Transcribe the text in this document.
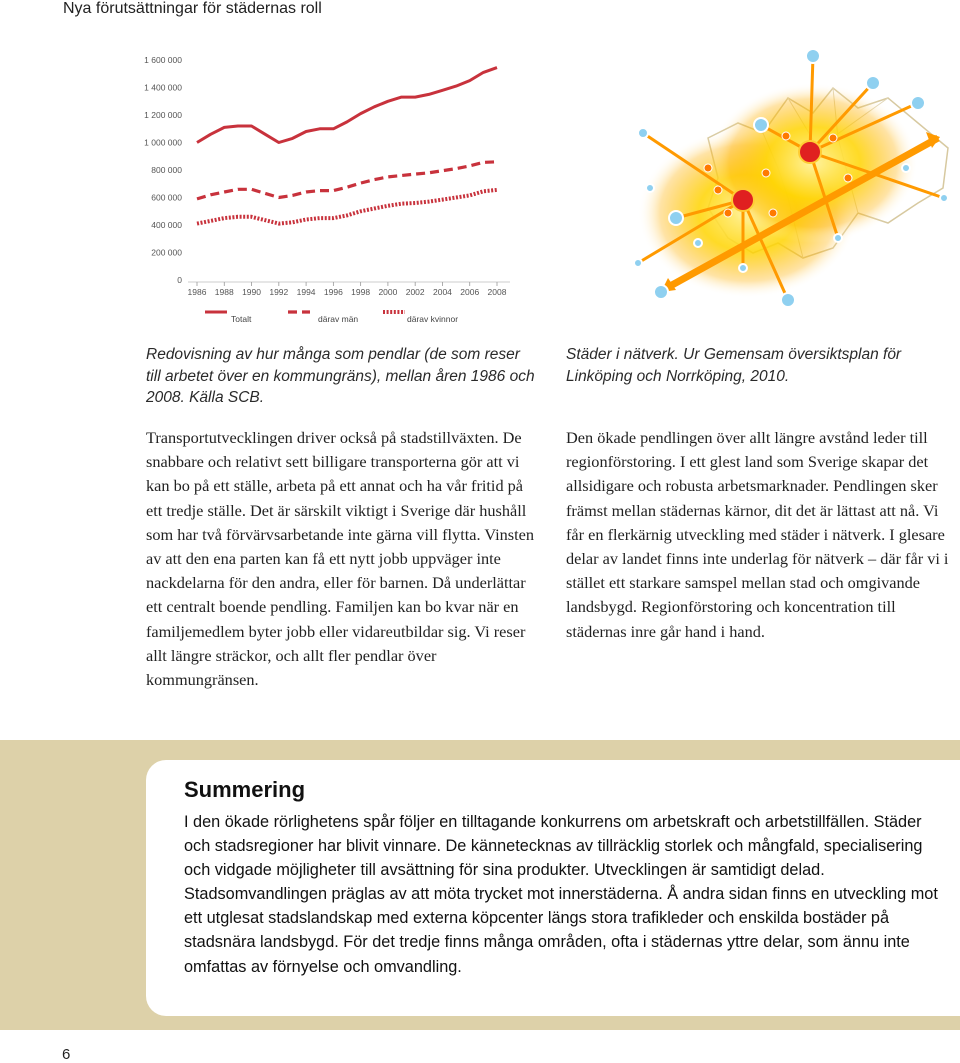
Nya förutsättningar för städernas roll
0
200 000
400 000
600 000
800 000
1 000 000
1 200 000
1 400 000
1 600 000
1986 1988 1990 1992 1994 1996 1998 2000 2002 2004 2006 2008
Totalt	därav män	därav kvinnor

Redovisning av hur många som pendlar (de som reser till arbetet över en kommungräns), mellan åren 1986 och 2008. Källa SCB.

Städer i nätverk. Ur Gemensam översiktsplan för Linköping och Norrköping, 2010.

Transportutvecklingen driver också på stadstillväxten. De snabbare och relativt sett billigare transporterna gör att vi kan bo på ett ställe, arbeta på ett annat och ha vår fritid på ett tredje ställe. Det är särskilt viktigt i Sverige där hushåll som har två förvärvsarbetande inte gärna vill flytta. Vinsten av att den ena parten kan få ett nytt jobb uppväger inte nackdelarna för den andra, eller för barnen. Då underlättar ett centralt boende pendling. Familjen kan bo kvar när en familjemedlem byter jobb eller vidareutbildar sig. Vi reser allt längre sträckor, och allt fler pendlar över kommungränsen.

Den ökade pendlingen över allt längre avstånd leder till regionförstoring. I ett glest land som Sverige skapar det allsidigare och robusta arbetsmarknader. Pendlingen sker främst mellan städernas kärnor, dit det är lättast att nå. Vi får en flerkärnig utveckling med städer i nätverk. I glesare delar av landet finns inte underlag för nätverk – där får vi i stället ett starkare samspel mellan stad och omgivande landsbygd. Regionförstoring och koncentration till städernas inre går hand i hand.

Summering

I den ökade rörlighetens spår följer en tilltagande konkurrens om arbetskraft och arbetstillfällen. Städer och stadsregioner har blivit vinnare. De kännetecknas av tillräcklig storlek och mångfald, specialisering och vidgade möjligheter till avsättning för sina produkter. Utvecklingen är samtidigt delad. Stadsomvandlingen präglas av att möta trycket mot innerstäderna. Å andra sidan finns en utveckling mot ett utglesat stadslandskap med externa köpcenter längs stora trafikleder och enskilda bostäder på stadsnära landsbygd. För det tredje finns många områden, ofta i städernas yttre delar, som ännu inte omfattas av förnyelse och omvandling.

6
